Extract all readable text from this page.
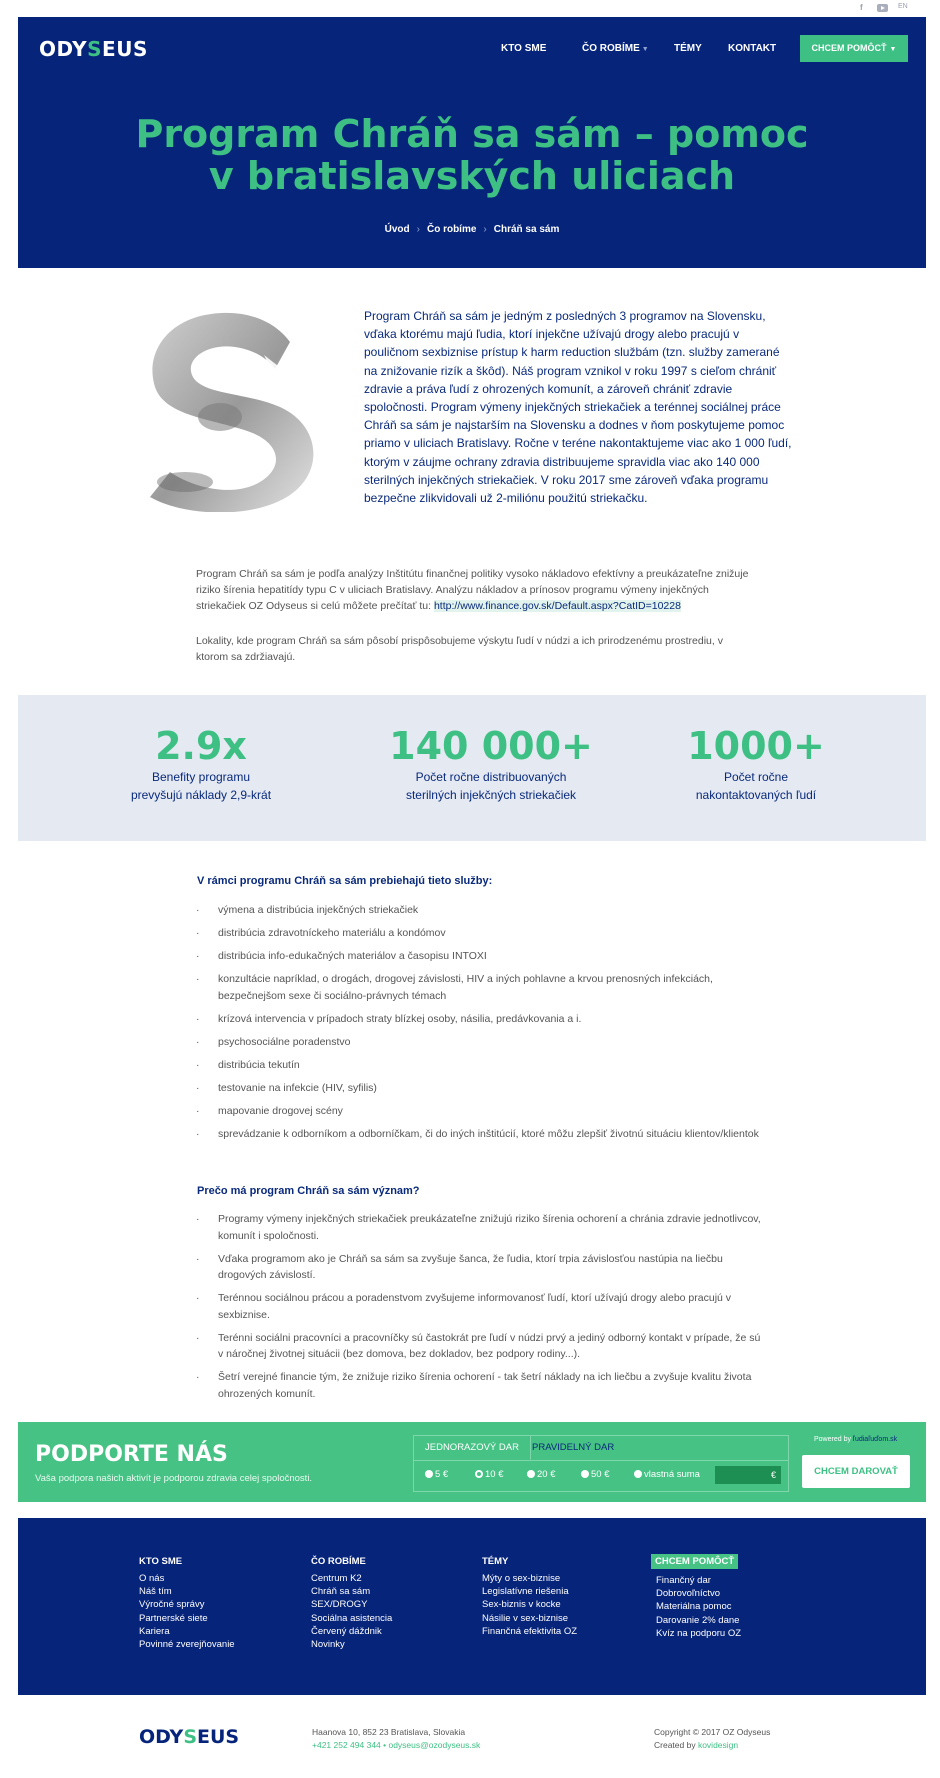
f	EN
ODYSEUS	KTO SME	ČO ROBÍME ▼	TÉMY	KONTAKT	CHCEM POMÔCŤ ▼
Program Chráň sa sám – pomoc
v bratislavských uliciach
Úvod › Čo robíme › Chráň sa sám
Program Chráň sa sám je jedným z posledných 3 programov na Slovensku, vďaka ktorému majú ľudia, ktorí injekčne užívajú drogy alebo pracujú v pouličnom sexbiznise prístup k harm reduction službám (tzn. služby zamerané na znižovanie rizík a škôd). Náš program vznikol v roku 1997 s cieľom chrániť zdravie a práva ľudí z ohrozených komunít, a zároveň chrániť zdravie spoločnosti. Program výmeny injekčných striekačiek a terénnej sociálnej práce Chráň sa sám je najstarším na Slovensku a dodnes v ňom poskytujeme pomoc priamo v uliciach Bratislavy. Ročne v teréne nakontaktujeme viac ako 1 000 ľudí, ktorým v záujme ochrany zdravia distribuujeme spravidla viac ako 140 000 sterilných injekčných striekačiek. V roku 2017 sme zároveň vďaka programu bezpečne zlikvidovali už 2-miliónu použitú striekačku.

Program Chráň sa sám je podľa analýzy Inštitútu finančnej politiky vysoko nákladovo efektívny a preukázateľne znižuje riziko šírenia hepatitídy typu C v uliciach Bratislavy. Analýzu nákladov a prínosov programu výmeny injekčných striekačiek OZ Odyseus si celú môžete prečítať tu: http://www.finance.gov.sk/Default.aspx?CatID=10228

Lokality, kde program Chráň sa sám pôsobí prispôsobujeme výskytu ľudí v núdzi a ich prirodzenému prostrediu, v ktorom sa zdržiavajú.

2.9x
Benefity programu
prevyšujú náklady 2,9-krát
140 000+
Počet ročne distribuovaných
sterilných injekčných striekačiek
1000+
Počet ročne
nakontaktovaných ľudí
V rámci programu Chráň sa sám prebiehajú tieto služby:
· výmena a distribúcia injekčných striekačiek
· distribúcia zdravotníckeho materiálu a kondómov
· distribúcia info-edukačných materiálov a časopisu INTOXI
· konzultácie napríklad, o drogách, drogovej závislosti, HIV a iných pohlavne a krvou prenosných infekciách, bezpečnejšom sexe či sociálno-právnych témach
· krízová intervencia v prípadoch straty blízkej osoby, násilia, predávkovania a i.
· psychosociálne poradenstvo
· distribúcia tekutín
· testovanie na infekcie (HIV, syfilis)
· mapovanie drogovej scény
· sprevádzanie k odborníkom a odborníčkam, či do iných inštitúcií, ktoré môžu zlepšiť životnú situáciu klientov/klientok
Prečo má program Chráň sa sám význam?
· Programy výmeny injekčných striekačiek preukázateľne znižujú riziko šírenia ochorení a chránia zdravie jednotlivcov, komunít i spoločnosti.
· Vďaka programom ako je Chráň sa sám sa zvyšuje šanca, že ľudia, ktorí trpia závislosťou nastúpia na liečbu drogových závislostí.
· Terénnou sociálnou prácou a poradenstvom zvyšujeme informovanosť ľudí, ktorí užívajú drogy alebo pracujú v sexbiznise.
· Terénni sociálni pracovníci a pracovníčky sú častokrát pre ľudí v núdzi prvý a jediný odborný kontakt v prípade, že sú v náročnej životnej situácii (bez domova, bez dokladov, bez podpory rodiny...).
· Šetrí verejné financie tým, že znižuje riziko šírenia ochorení - tak šetrí náklady na ich liečbu a zvyšuje kvalitu života ohrozených komunít.
PODPORTE NÁS
Vaša podpora našich aktivít je podporou zdravia celej spoločnosti.
JEDNORAZOVÝ DAR	PRAVIDELNÝ DAR
5 €	10 €	20 €	50 €	vlastná suma	€
Powered by ľudiaľuďom.sk
CHCEM DAROVAŤ
KTO SME
O nás
Náš tím
Výročné správy
Partnerské siete
Kariera
Povinné zverejňovanie
ČO ROBÍME
Centrum K2
Chráň sa sám
SEX/DROGY
Sociálna asistencia
Červený dáždnik
Novinky
TÉMY
Mýty o sex-biznise
Legislatívne riešenia
Sex-biznis v kocke
Násilie v sex-biznise
Finančná efektivita OZ
CHCEM POMÔCŤ
Finančný dar
Dobrovoľníctvo
Materiálna pomoc
Darovanie 2% dane
Kvíz na podporu OZ
ODYSEUS	Haanova 10, 852 23 Bratislava, Slovakia
+421 252 494 344 • odyseus@ozodyseus.sk
Copyright © 2017 OZ Odyseus
Created by kovidesign
